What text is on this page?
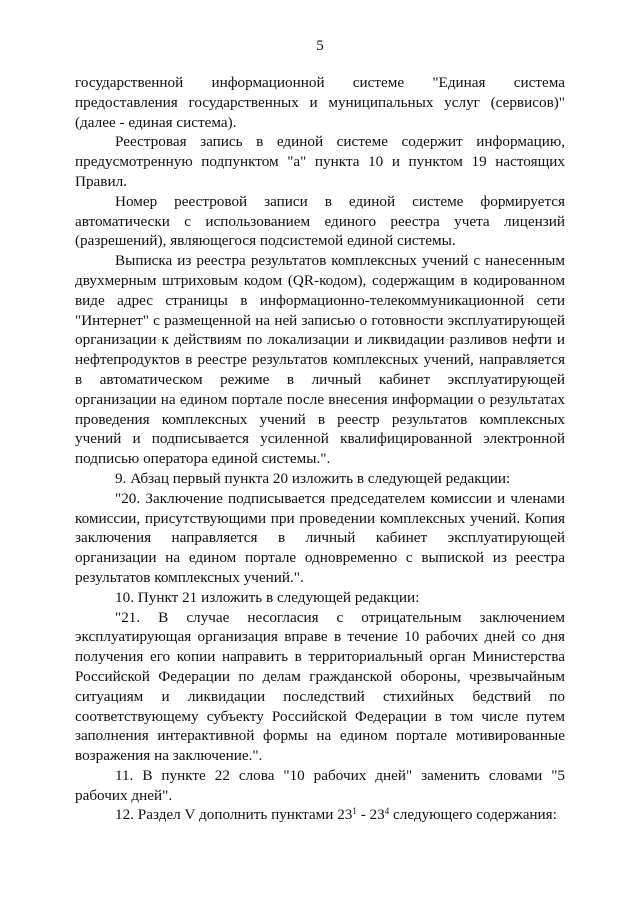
5

государственной информационной системе "Единая система предоставления государственных и муниципальных услуг (сервисов)" (далее - единая система).

Реестровая запись в единой системе содержит информацию, предусмотренную подпунктом "а" пункта 10 и пунктом 19 настоящих Правил.

Номер реестровой записи в единой системе формируется автоматически с использованием единого реестра учета лицензий (разрешений), являющегося подсистемой единой системы.

Выписка из реестра результатов комплексных учений с нанесенным двухмерным штриховым кодом (QR-кодом), содержащим в кодированном виде адрес страницы в информационно-телекоммуникационной сети "Интернет" с размещенной на ней записью о готовности эксплуатирующей организации к действиям по локализации и ликвидации разливов нефти и нефтепродуктов в реестре результатов комплексных учений, направляется в автоматическом режиме в личный кабинет эксплуатирующей организации на едином портале после внесения информации о результатах проведения комплексных учений в реестр результатов комплексных учений и подписывается усиленной квалифицированной электронной подписью оператора единой системы.".

9. Абзац первый пункта 20 изложить в следующей редакции:

"20. Заключение подписывается председателем комиссии и членами комиссии, присутствующими при проведении комплексных учений. Копия заключения направляется в личный кабинет эксплуатирующей организации на едином портале одновременно с выпиской из реестра результатов комплексных учений.".

10. Пункт 21 изложить в следующей редакции:

"21. В случае несогласия с отрицательным заключением эксплуатирующая организация вправе в течение 10 рабочих дней со дня получения его копии направить в территориальный орган Министерства Российской Федерации по делам гражданской обороны, чрезвычайным ситуациям и ликвидации последствий стихийных бедствий по соответствующему субъекту Российской Федерации в том числе путем заполнения интерактивной формы на едином портале мотивированные возражения на заключение.".

11. В пункте 22 слова "10 рабочих дней" заменить словами "5 рабочих дней".

12. Раздел V дополнить пунктами $23^1 - 23^4$ следующего содержания:
